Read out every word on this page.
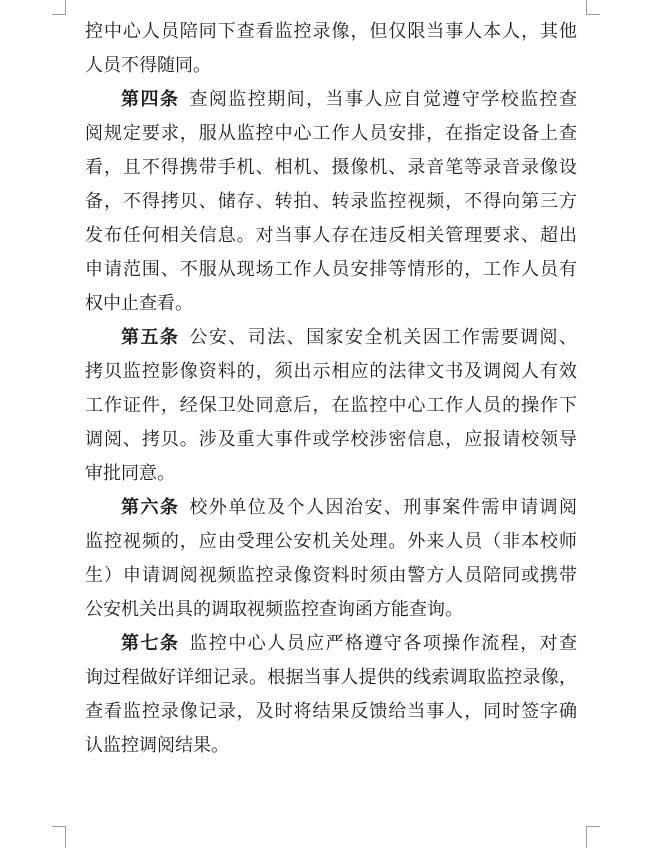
控中心人员陪同下查看监控录像，但仅限当事人本人，其他
人员不得随同。
第四条 查阅监控期间，当事人应自觉遵守学校监控查
阅规定要求，服从监控中心工作人员安排，在指定设备上查
看，且不得携带手机、相机、摄像机、录音笔等录音录像设
备，不得拷贝、储存、转拍、转录监控视频，不得向第三方
发布任何相关信息。对当事人存在违反相关管理要求、超出
申请范围、不服从现场工作人员安排等情形的，工作人员有
权中止查看。
第五条 公安、司法、国家安全机关因工作需要调阅、
拷贝监控影像资料的，须出示相应的法律文书及调阅人有效
工作证件，经保卫处同意后，在监控中心工作人员的操作下
调阅、拷贝。涉及重大事件或学校涉密信息，应报请校领导
审批同意。
第六条 校外单位及个人因治安、刑事案件需申请调阅
监控视频的，应由受理公安机关处理。外来人员（非本校师
生）申请调阅视频监控录像资料时须由警方人员陪同或携带
公安机关出具的调取视频监控查询函方能查询。
第七条 监控中心人员应严格遵守各项操作流程，对查
询过程做好详细记录。根据当事人提供的线索调取监控录像，
查看监控录像记录，及时将结果反馈给当事人，同时签字确
认监控调阅结果。
